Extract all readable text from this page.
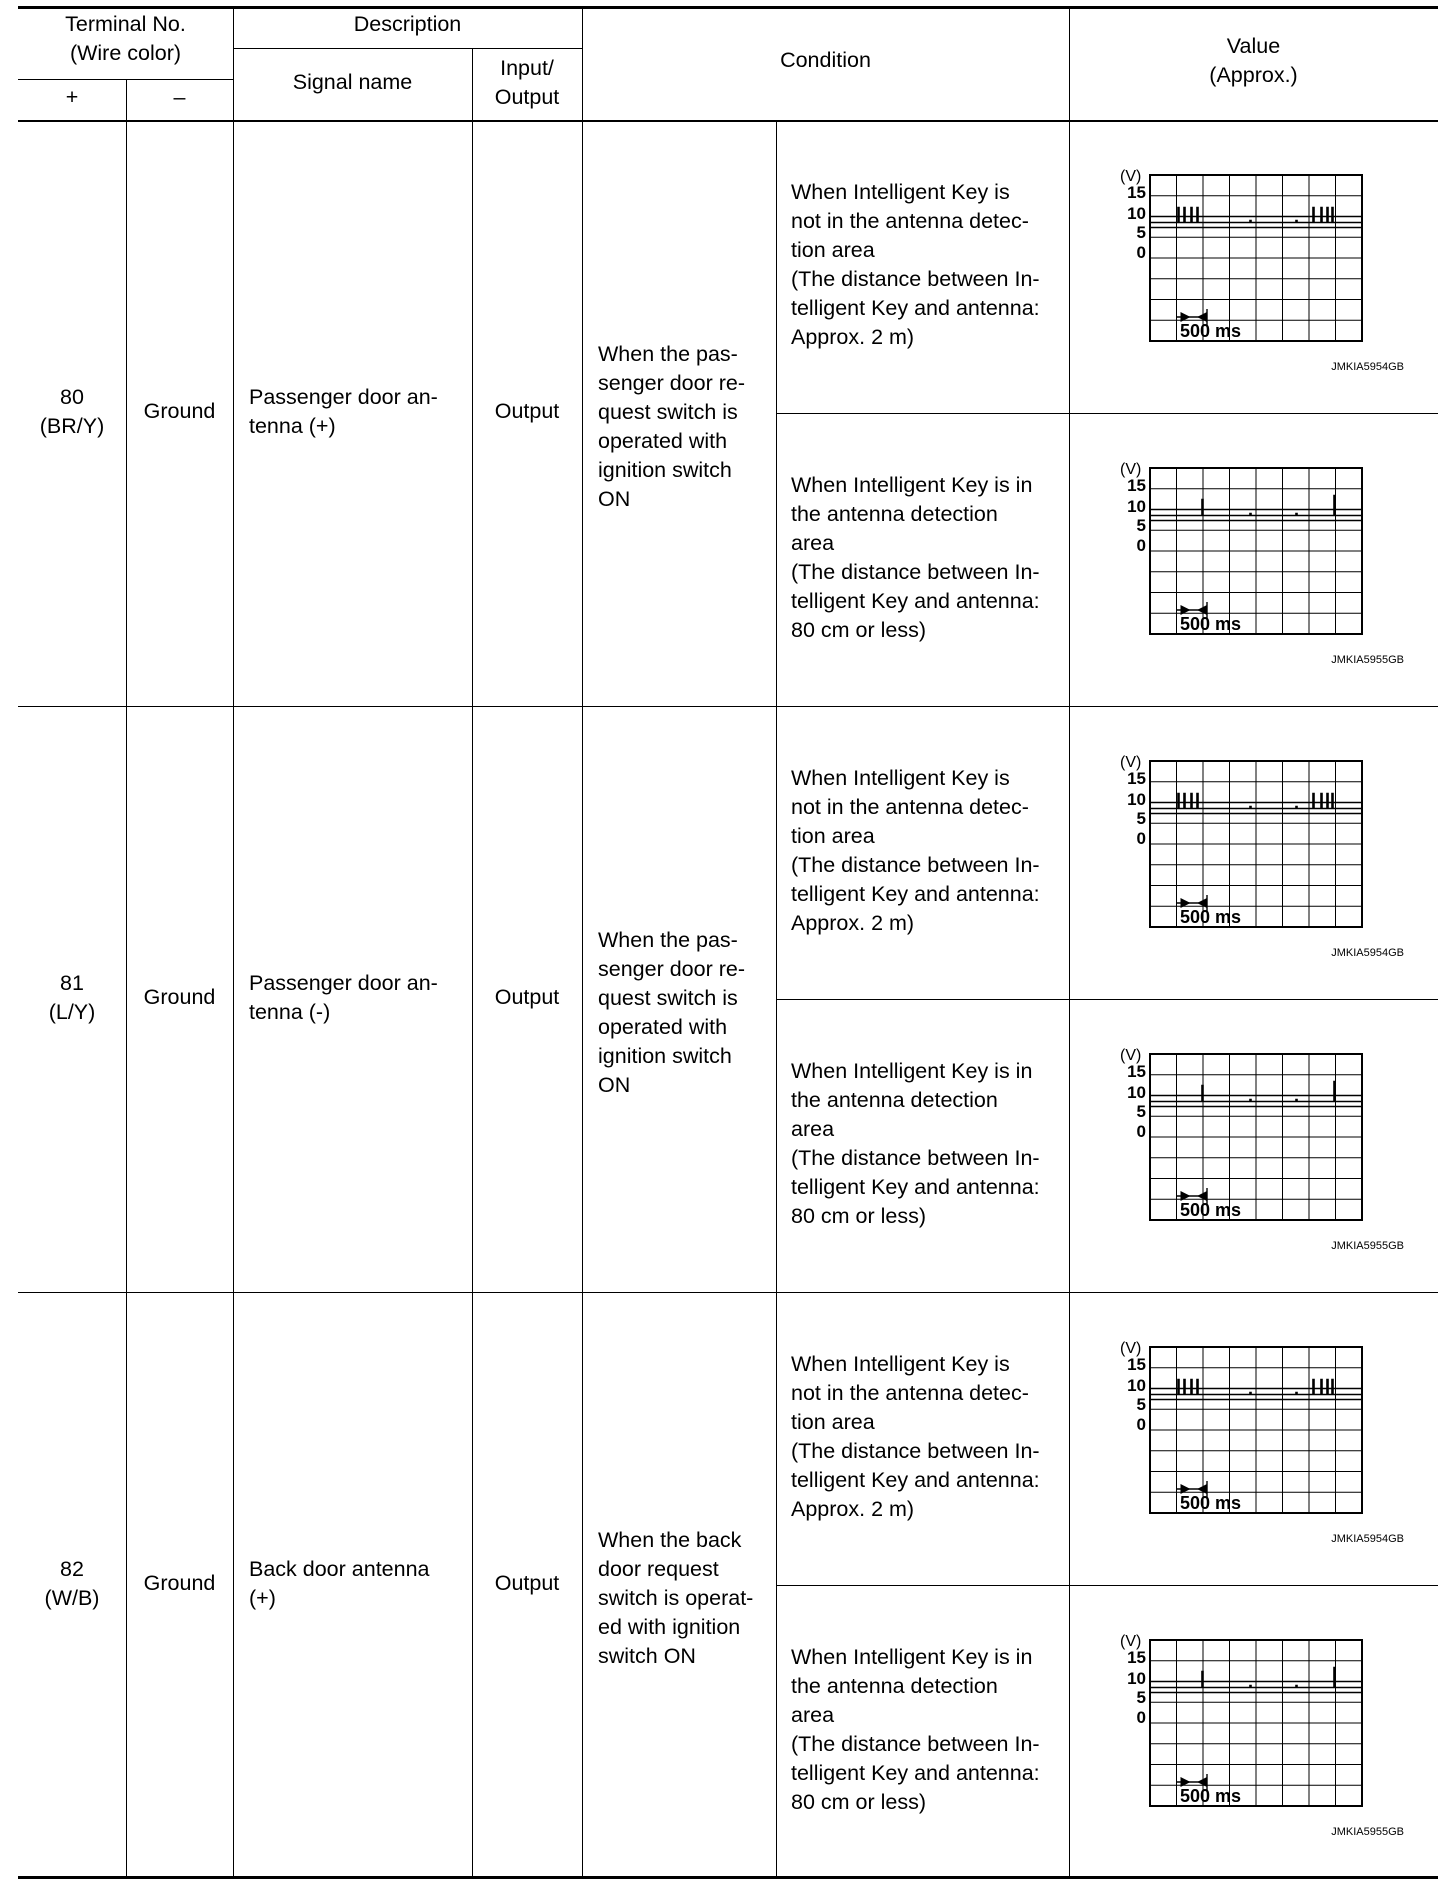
Terminal No.
(Wire color)
+	–
Description
Signal name
Input/
Output
Condition
Value
(Approx.)
80
(BR/Y)
Ground
Passenger door an-
tenna (+)
Output
When the pas-
senger door re-
quest switch is
operated with
ignition switch
ON
When Intelligent Key is
not in the antenna detec-
tion area
(The distance between In-
telligent Key and antenna:
Approx. 2 m)
(V)
15
10
5
0
500 ms
JMKIA5954GB
When Intelligent Key is in
the antenna detection
area
(The distance between In-
telligent Key and antenna:
80 cm or less)
(V)
15
10
5
0
500 ms
JMKIA5955GB
81
(L/Y)
Ground
Passenger door an-
tenna (-)
Output
When the pas-
senger door re-
quest switch is
operated with
ignition switch
ON
When Intelligent Key is
not in the antenna detec-
tion area
(The distance between In-
telligent Key and antenna:
Approx. 2 m)
(V)
15
10
5
0
500 ms
JMKIA5954GB
When Intelligent Key is in
the antenna detection
area
(The distance between In-
telligent Key and antenna:
80 cm or less)
(V)
15
10
5
0
500 ms
JMKIA5955GB
82
(W/B)
Ground
Back door antenna
(+)
Output
When the back
door request
switch is operat-
ed with ignition
switch ON
When Intelligent Key is
not in the antenna detec-
tion area
(The distance between In-
telligent Key and antenna:
Approx. 2 m)
(V)
15
10
5
0
500 ms
JMKIA5954GB
When Intelligent Key is in
the antenna detection
area
(The distance between In-
telligent Key and antenna:
80 cm or less)
(V)
15
10
5
0
500 ms
JMKIA5955GB
